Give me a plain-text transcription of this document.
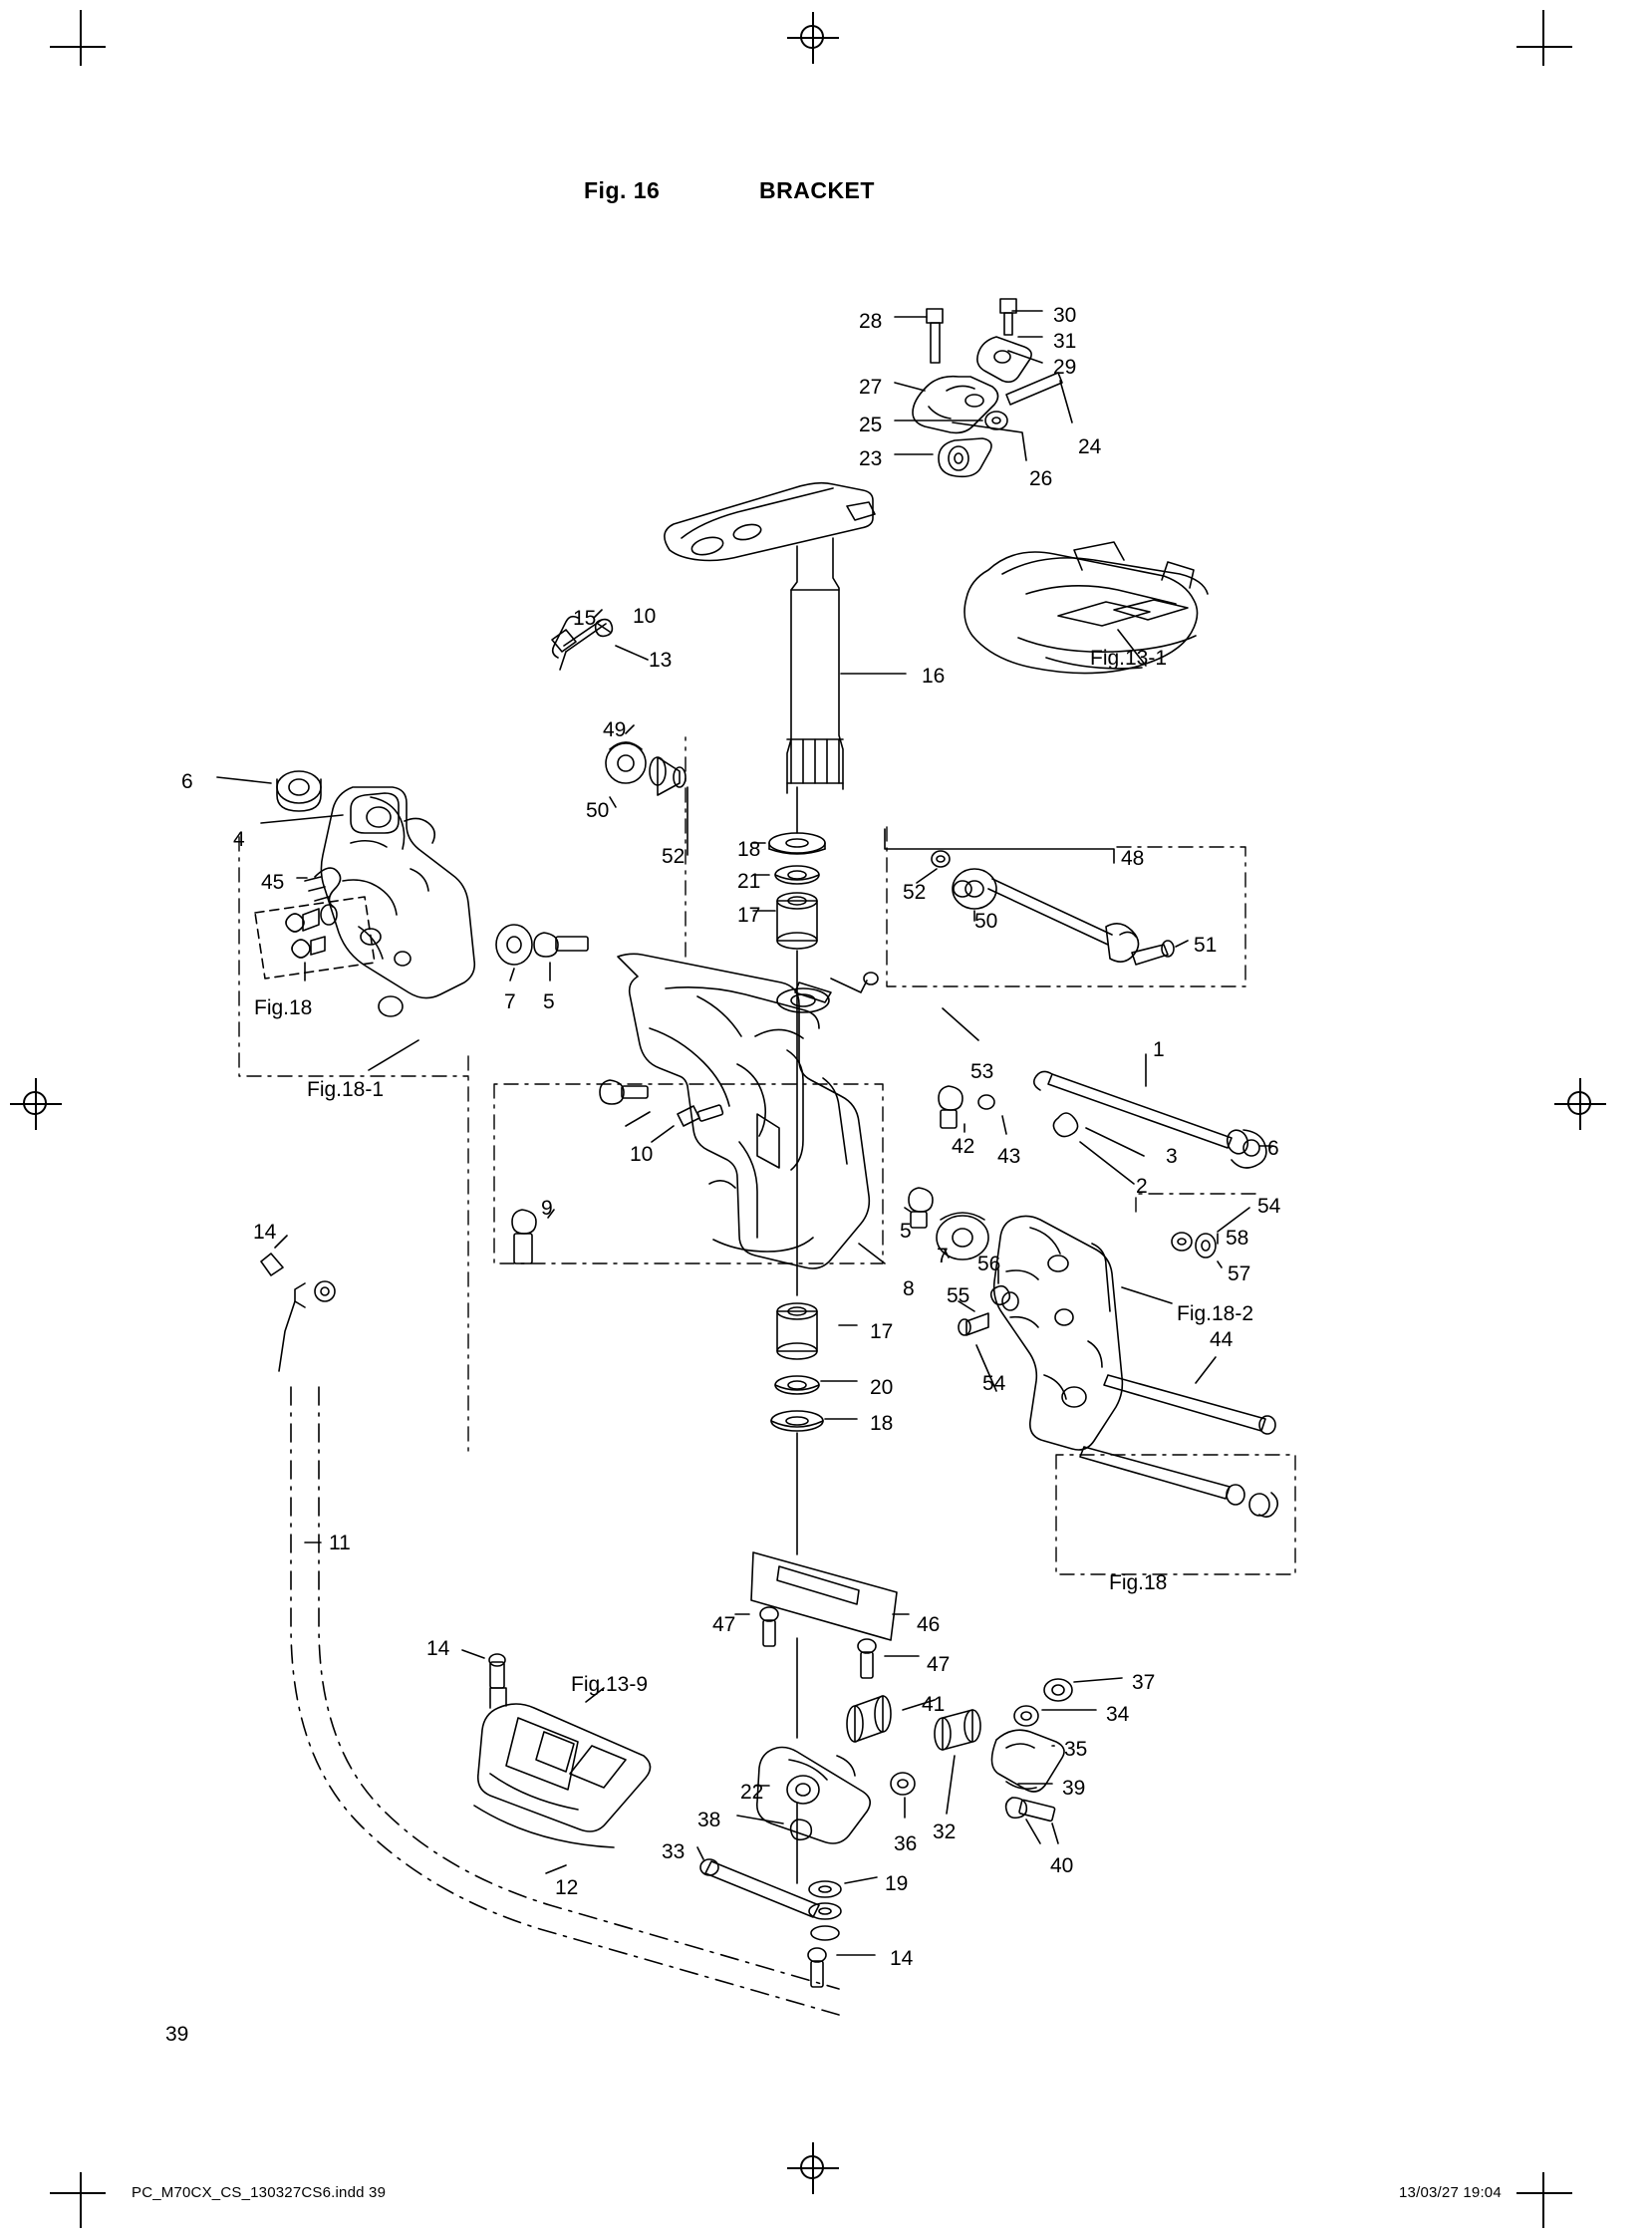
Fig. 16	BRACKET
39
PC_M70CX_CS_130327CS6.indd 39	13/03/27 19:04
28	30
31
29
27
25
23
24
26
Fig.13-1
16
15 10
13
49
50
52
6
4
45
7 5
Fig.18
Fig.18-1
18
21
17
52
50
48
51
53
1
42 43	3	6
2
10
9
5
7 56
55
8
54
58
57
Fig.18-2
54
44
Fig.18
14
17
20
18
11
47	46
47
14
Fig.13-9	37
34
41
35
39
22
32
36
38
33
19
40
12
14
